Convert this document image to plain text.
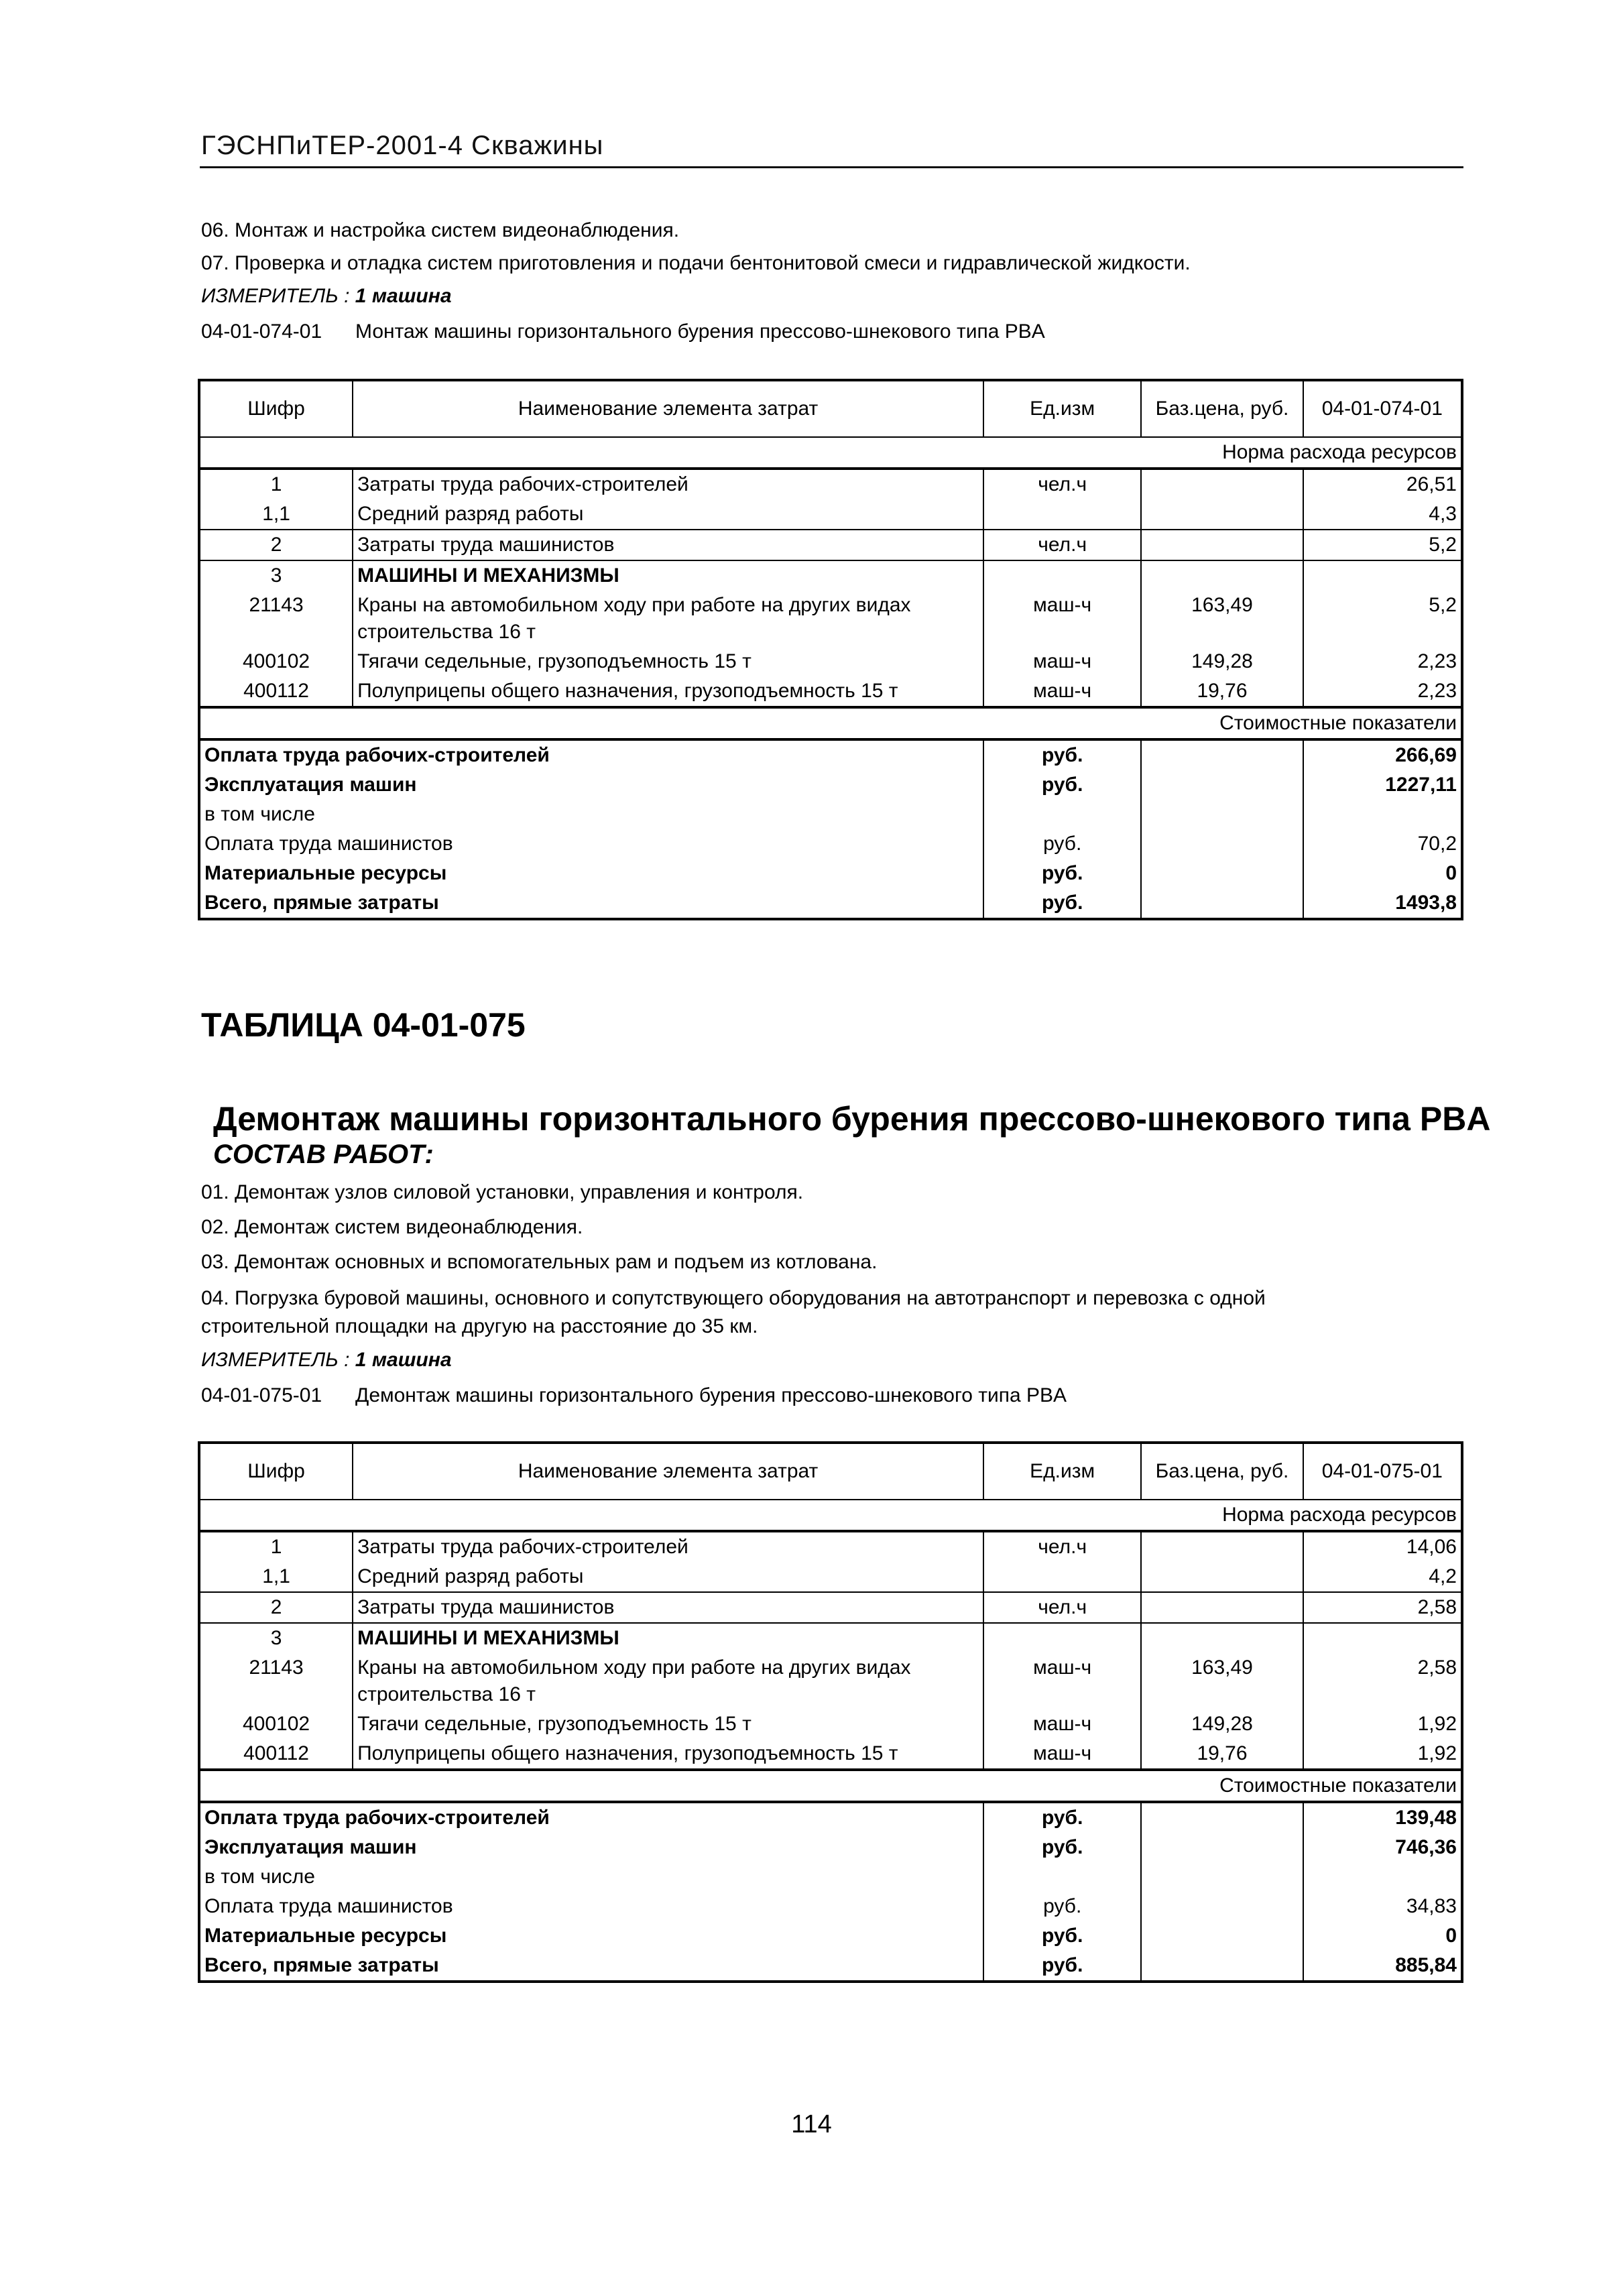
ГЭСНПиТЕР-2001-4 Скважины
06. Монтаж и настройка систем видеонаблюдения.
07. Проверка и отладка систем приготовления и подачи бентонитовой смеси и гидравлической жидкости.
ИЗМЕРИТЕЛЬ : 1 машина
04-01-074-01 Монтаж машины горизонтального бурения прессово-шнекового типа PBA
Шифр	Наименование элемента затрат	Ед.изм	Баз.цена, руб.	04-01-074-01
Норма расхода ресурсов				
1	Затраты труда рабочих-строителей	чел.ч		26,51
1,1	Средний разряд работы			4,3
2	Затраты труда машинистов	чел.ч		5,2
3	МАШИНЫ И МЕХАНИЗМЫ			
21143	Краны на автомобильном ходу при работе на других видах строительства 16 т	маш-ч	163,49	5,2
400102	Тягачи седельные, грузоподъемность 15 т	маш-ч	149,28	2,23
400112	Полуприцепы общего назначения, грузоподъемность 15 т	маш-ч	19,76	2,23
Стоимостные показатели				
Оплата труда рабочих-строителей		руб.		266,69
Эксплуатация машин		руб.		1227,11
в том числе				
Оплата труда машинистов		руб.		70,2
Материальные ресурсы		руб.		0
Всего, прямые затраты		руб.		1493,8
ТАБЛИЦА 04-01-075
Демонтаж машины горизонтального бурения прессово-шнекового типа PBA
СОСТАВ РАБОТ:
01. Демонтаж узлов силовой установки, управления и контроля.
02. Демонтаж систем видеонаблюдения.
03. Демонтаж основных и вспомогательных рам и подъем из котлована.
04. Погрузка буровой машины, основного и сопутствующего оборудования на автотранспорт и перевозка с одной
строительной площадки на другую на расстояние до 35 км.
ИЗМЕРИТЕЛЬ : 1 машина
04-01-075-01 Демонтаж машины горизонтального бурения прессово-шнекового типа PBA
Шифр	Наименование элемента затрат	Ед.изм	Баз.цена, руб.	04-01-075-01
Норма расхода ресурсов				
1	Затраты труда рабочих-строителей	чел.ч		14,06
1,1	Средний разряд работы			4,2
2	Затраты труда машинистов	чел.ч		2,58
3	МАШИНЫ И МЕХАНИЗМЫ			
21143	Краны на автомобильном ходу при работе на других видах строительства 16 т	маш-ч	163,49	2,58
400102	Тягачи седельные, грузоподъемность 15 т	маш-ч	149,28	1,92
400112	Полуприцепы общего назначения, грузоподъемность 15 т	маш-ч	19,76	1,92
Стоимостные показатели				
Оплата труда рабочих-строителей		руб.		139,48
Эксплуатация машин		руб.		746,36
в том числе				
Оплата труда машинистов		руб.		34,83
Материальные ресурсы		руб.		0
Всего, прямые затраты		руб.		885,84
114
